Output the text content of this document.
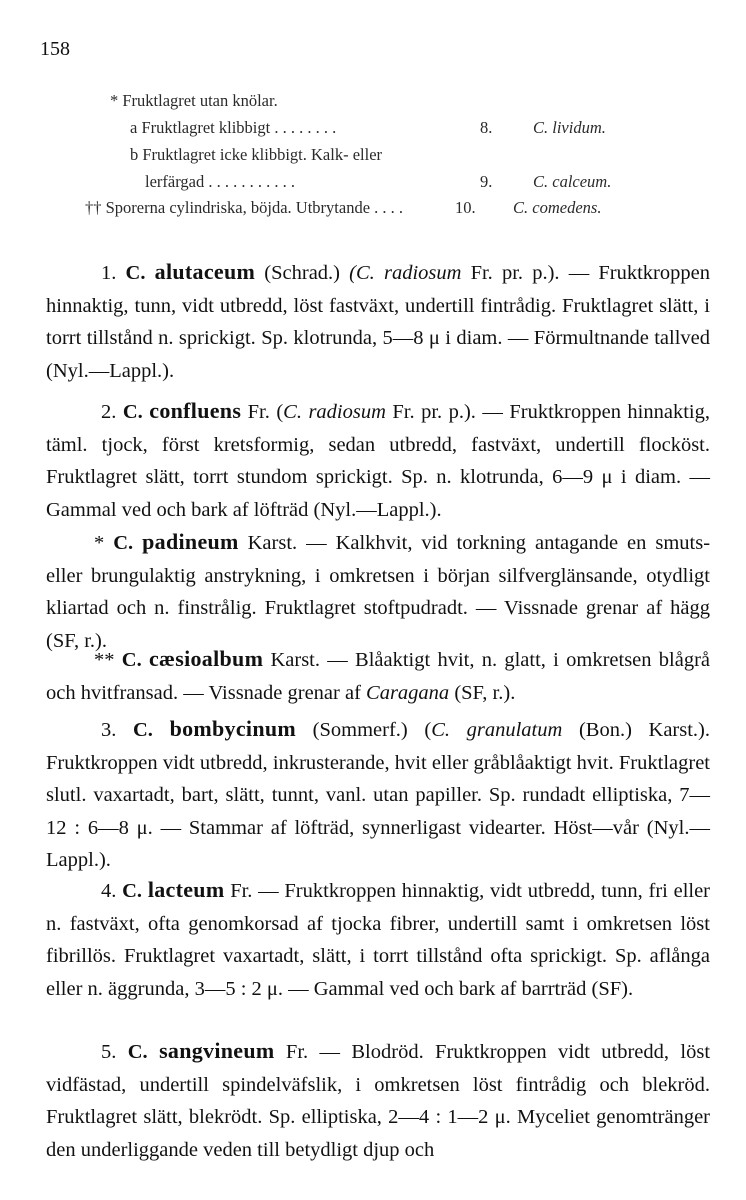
158
* Fruktlagret utan knölar.
a Fruktlagret klibbigt . . . . . . . .	8. C. lividum.
b Fruktlagret icke klibbigt. Kalk- eller
lerfärgad . . . . . . . . . . .	9. C. calceum.
†† Sporerna cylindriska, böjda. Utbrytande . . . .	10. C. comedens.
1. C. alutaceum (Schrad.) (C. radiosum Fr. pr. p.). — Fruktkroppen hinnaktig, tunn, vidt utbredd, löst fastväxt, undertill fintrådig. Fruktlagret slätt, i torrt tillstånd n. sprickigt. Sp. klotrunda, 5—8 μ i diam. — Förmultnande tallved (Nyl.—Lappl.).
2. C. confluens Fr. (C. radiosum Fr. pr. p.). — Fruktkroppen hinnaktig, täml. tjock, först kretsformig, sedan utbredd, fastväxt, undertill flocköst. Fruktlagret slätt, torrt stundom sprickigt. Sp. n. klotrunda, 6—9 μ i diam. — Gammal ved och bark af löfträd (Nyl.—Lappl.).
* C. padineum Karst. — Kalkhvit, vid torkning antagande en smuts- eller brungulaktig anstrykning, i omkretsen i början silfverglänsande, otydligt kliartad och n. finstrålig. Fruktlagret stoftpudradt. — Vissnade grenar af hägg (SF, r.).
** C. cæsioalbum Karst. — Blåaktigt hvit, n. glatt, i omkretsen blågrå och hvitfransad. — Vissnade grenar af Caragana (SF, r.).
3. C. bombycinum (Sommerf.) (C. granulatum (Bon.) Karst.). Fruktkroppen vidt utbredd, inkrusterande, hvit eller gråblåaktigt hvit. Fruktlagret slutl. vaxartadt, bart, slätt, tunnt, vanl. utan papiller. Sp. rundadt elliptiska, 7—12 : 6—8 μ. — Stammar af löfträd, synnerligast videarter. Höst—vår (Nyl.—Lappl.).
4. C. lacteum Fr. — Fruktkroppen hinnaktig, vidt utbredd, tunn, fri eller n. fastväxt, ofta genomkorsad af tjocka fibrer, undertill samt i omkretsen löst fibrillös. Fruktlagret vaxartadt, slätt, i torrt tillstånd ofta sprickigt. Sp. aflånga eller n. äggrunda, 3—5 : 2 μ. — Gammal ved och bark af barrträd (SF).
5. C. sangvineum Fr. — Blodröd. Fruktkroppen vidt utbredd, löst vidfästad, undertill spindelväfslik, i omkretsen löst fintrådig och blekröd. Fruktlagret slätt, blekrödt. Sp. elliptiska, 2—4 : 1—2 μ. Myceliet genomtränger den underliggande veden till betydligt djup och
